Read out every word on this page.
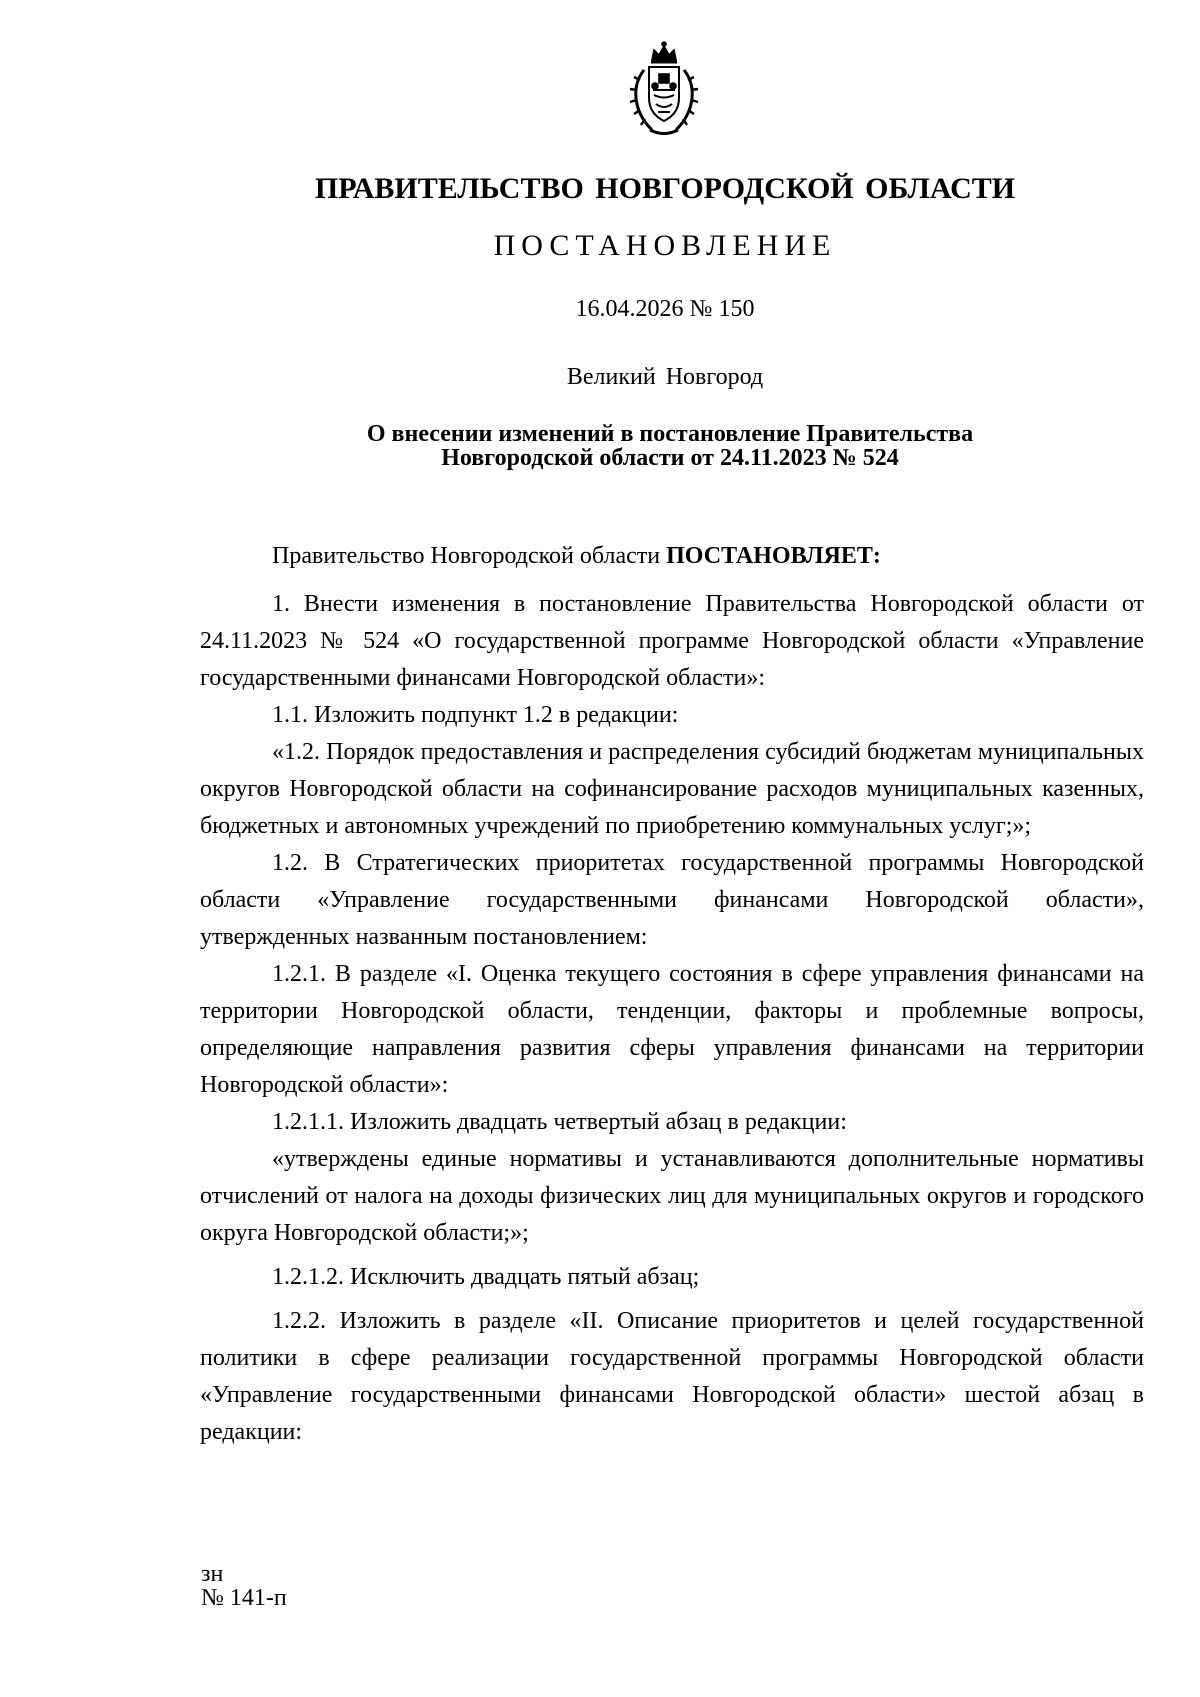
ПРАВИТЕЛЬСТВО НОВГОРОДСКОЙ ОБЛАСТИ
ПОСТАНОВЛЕНИЕ
16.04.2026 № 150
Великий Новгород
О внесении изменений в постановление Правительства
Новгородской области от 24.11.2023 № 524

Правительство Новгородской области ПОСТАНОВЛЯЕТ:

1. Внести изменения в постановление Правительства Новгородской области от 24.11.2023 № 524 «О государственной программе Новгородской области «Управление государственными финансами Новгородской области»:

1.1. Изложить подпункт 1.2 в редакции:

«1.2. Порядок предоставления и распределения субсидий бюджетам муниципальных округов Новгородской области на софинансирование расходов муниципальных казенных, бюджетных и автономных учреждений по приобретению коммунальных услуг;»;

1.2. В Стратегических приоритетах государственной программы Новгородской области «Управление государственными финансами Новгородской области», утвержденных названным постановлением:

1.2.1. В разделе «I. Оценка текущего состояния в сфере управления финансами на территории Новгородской области, тенденции, факторы и проблемные вопросы, определяющие направления развития сферы управления финансами на территории Новгородской области»:

1.2.1.1. Изложить двадцать четвертый абзац в редакции:

«утверждены единые нормативы и устанавливаются дополнительные нормативы отчислений от налога на доходы физических лиц для муниципальных округов и городского округа Новгородской области;»;

1.2.1.2. Исключить двадцать пятый абзац;

1.2.2. Изложить в разделе «II. Описание приоритетов и целей государственной политики в сфере реализации государственной программы Новгородской области «Управление государственными финансами Новгородской области» шестой абзац в редакции:

зн
№ 141-п
